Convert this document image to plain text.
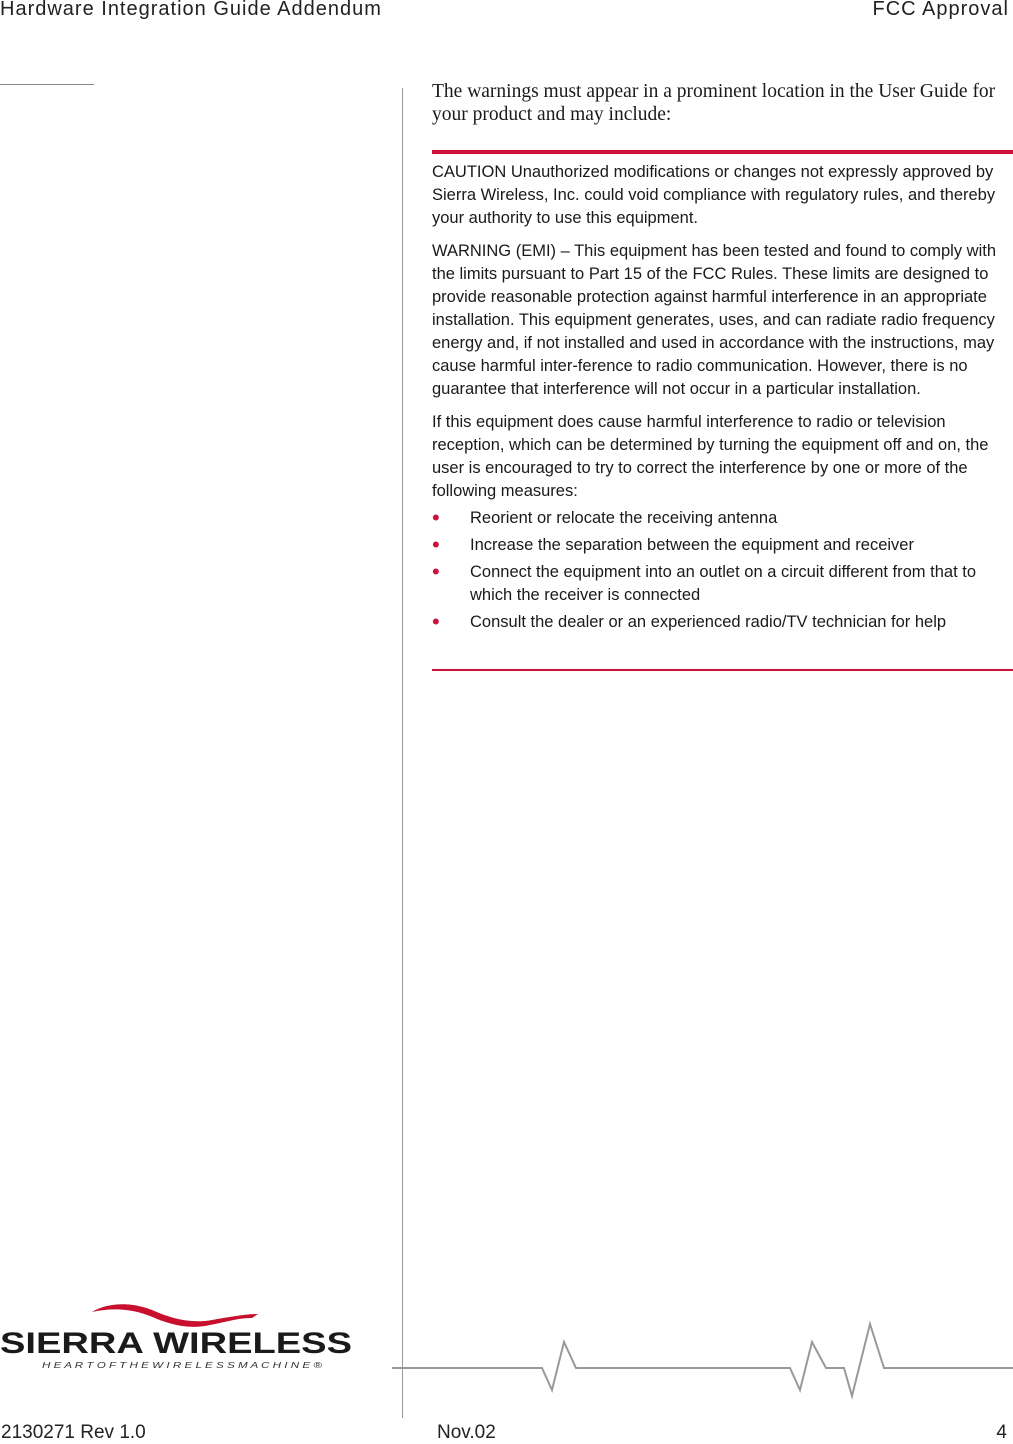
Hardware Integration Guide Addendum	FCC Approval

The warnings must appear in a prominent location in the User Guide for your product and may include:

CAUTION Unauthorized modifications or changes not expressly approved by Sierra Wireless, Inc. could void compliance with regulatory rules, and thereby your authority to use this equipment.

WARNING (EMI) – This equipment has been tested and found to comply with the limits pursuant to Part 15 of the FCC Rules. These limits are designed to provide reasonable protection against harmful interference in an appropriate installation. This equipment generates, uses, and can radiate radio frequency energy and, if not installed and used in accordance with the instructions, may cause harmful inter-ference to radio communication. However, there is no guarantee that interference will not occur in a particular installation.

If this equipment does cause harmful interference to radio or television reception, which can be determined by turning the equipment off and on, the user is encouraged to try to correct the interference by one or more of the following measures:

• Reorient or relocate the receiving antenna
• Increase the separation between the equipment and receiver
• Connect the equipment into an outlet on a circuit different from that to which the receiver is connected
• Consult the dealer or an experienced radio/TV technician for help
SIERRA WIRELESS
H E A R T O F T H E W I R E L E S S M A C H I N E ®
2130271 Rev 1.0	Nov.02	4
